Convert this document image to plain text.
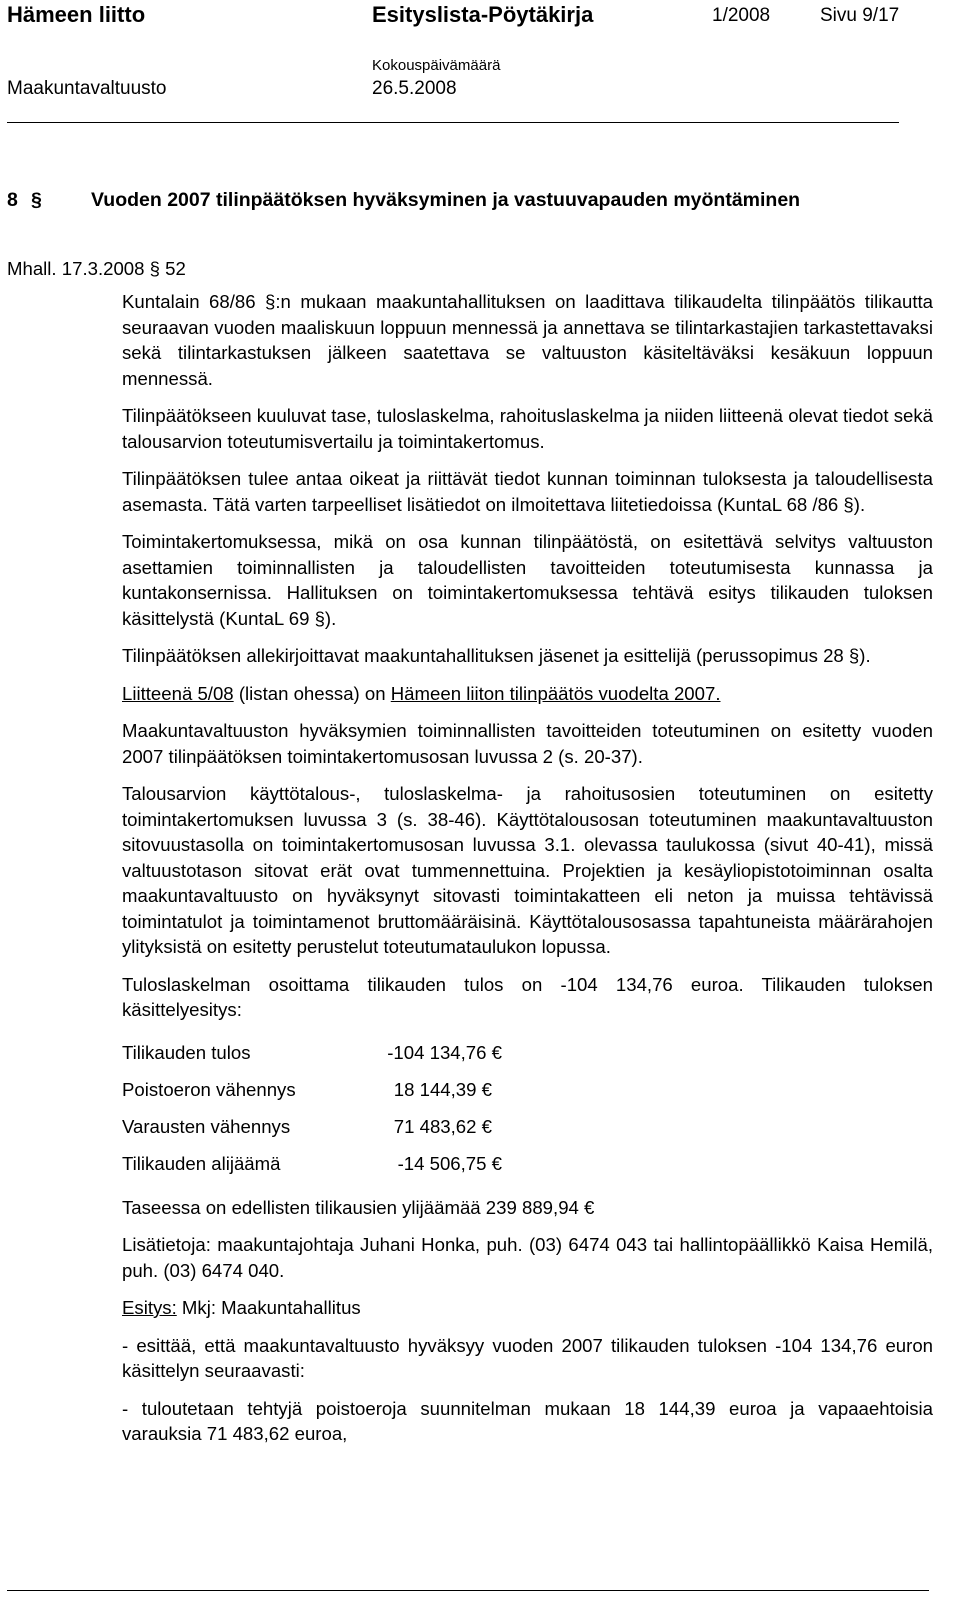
Hämeen liitto	Esityslista-Pöytäkirja	1/2008	Sivu 9/17
Kokouspäivämäärä
Maakuntavaltuusto	26.5.2008
8 §	Vuoden 2007 tilinpäätöksen hyväksyminen ja vastuuvapauden myöntäminen
Mhall. 17.3.2008 § 52

Kuntalain 68/86 §:n mukaan maakuntahallituksen on laadittava tilikaudelta tilinpäätös tilikautta seuraavan vuoden maaliskuun loppuun mennessä ja annettava se tilintarkastajien tarkastettavaksi sekä tilintarkastuksen jälkeen saatettava se valtuuston käsiteltäväksi kesäkuun loppuun mennessä.

Tilinpäätökseen kuuluvat tase, tuloslaskelma, rahoituslaskelma ja niiden liitteenä olevat tiedot sekä talousarvion toteutumisvertailu ja toimintakertomus.

Tilinpäätöksen tulee antaa oikeat ja riittävät tiedot kunnan toiminnan tuloksesta ja taloudellisesta asemasta. Tätä varten tarpeelliset lisätiedot on ilmoitettava liitetiedoissa (KuntaL 68 /86 §).

Toimintakertomuksessa, mikä on osa kunnan tilinpäätöstä, on esitettävä selvitys valtuuston asettamien toiminnallisten ja taloudellisten tavoitteiden toteutumisesta kunnassa ja kuntakonsernissa. Hallituksen on toimintakertomuksessa tehtävä esitys tilikauden tuloksen käsittelystä (KuntaL 69 §).

Tilinpäätöksen allekirjoittavat maakuntahallituksen jäsenet ja esittelijä (perussopimus 28 §).

Liitteenä 5/08 (listan ohessa) on Hämeen liiton tilinpäätös vuodelta 2007.

Maakuntavaltuuston hyväksymien toiminnallisten tavoitteiden toteutuminen on esitetty vuoden 2007 tilinpäätöksen toimintakertomusosan luvussa 2 (s. 20-37).

Talousarvion käyttötalous-, tuloslaskelma- ja rahoitusosien toteutuminen on esitetty toimintakertomuksen luvussa 3 (s. 38-46). Käyttötalousosan toteutuminen maakuntavaltuuston sitovuustasolla on toimintakertomusosan luvussa 3.1. olevassa taulukossa (sivut 40-41), missä valtuustotason sitovat erät ovat tummennettuina. Projektien ja kesäyliopistotoiminnan osalta maakuntavaltuusto on hyväksynyt sitovasti toimintakatteen eli neton ja muissa tehtävissä toimintatulot ja toimintamenot bruttomääräisinä. Käyttötalousosassa tapahtuneista määrärahojen ylityksistä on esitetty perustelut toteutumataulukon lopussa.

Tuloslaskelman osoittama tilikauden tulos on -104 134,76 euroa. Tilikauden tuloksen käsittelyesitys:

Tilikauden tulos	-104 134,76 €
Poistoeron vähennys	18 144,39 €
Varausten vähennys	71 483,62 €
Tilikauden alijäämä	-14 506,75 €

Taseessa on edellisten tilikausien ylijäämää 239 889,94 €

Lisätietoja: maakuntajohtaja Juhani Honka, puh. (03) 6474 043 tai hallintopäällikkö Kaisa Hemilä, puh. (03) 6474 040.

Esitys: Mkj: Maakuntahallitus

- esittää, että maakuntavaltuusto hyväksyy vuoden 2007 tilikauden tuloksen -104 134,76 euron käsittelyn seuraavasti:

- tuloutetaan tehtyjä poistoeroja suunnitelman mukaan 18 144,39 euroa ja vapaaehtoisia varauksia 71 483,62 euroa,
